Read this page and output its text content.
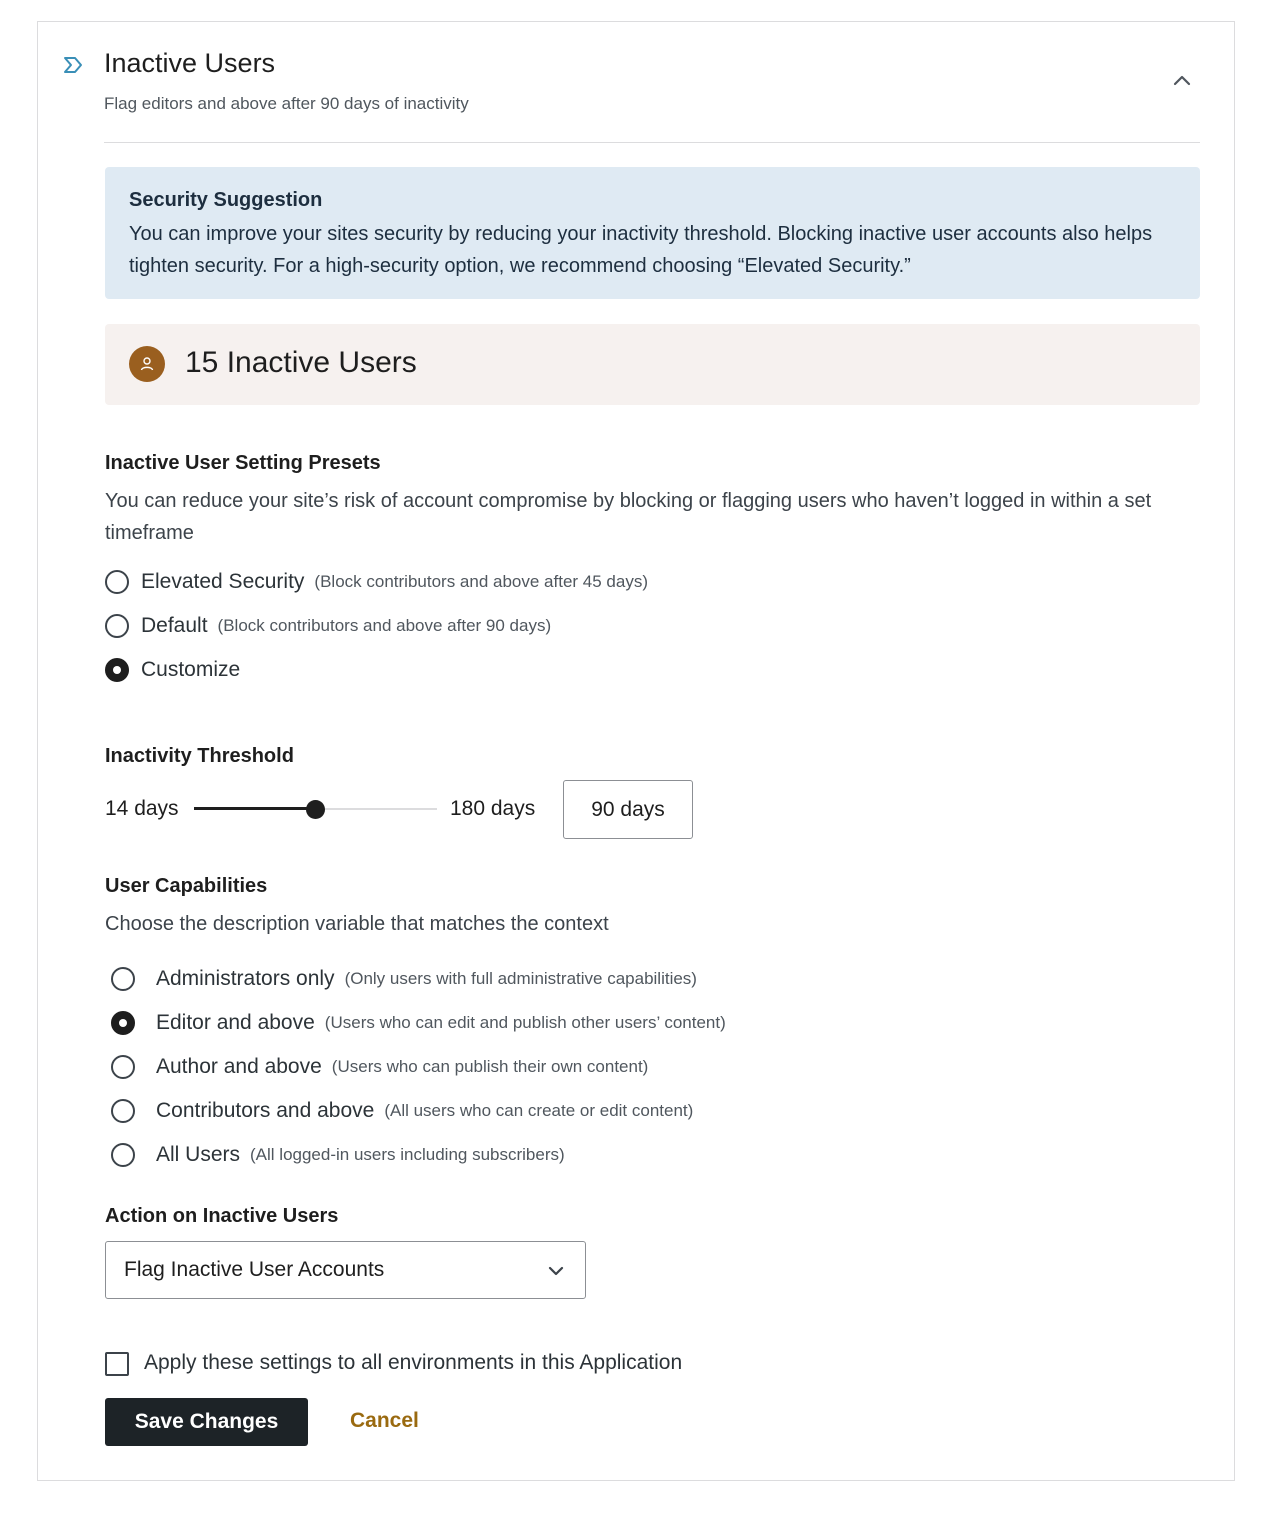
Inactive Users
Flag editors and above after 90 days of inactivity
Security Suggestion
You can improve your sites security by reducing your inactivity threshold. Blocking inactive user accounts also helps tighten security. For a high-security option, we recommend choosing “Elevated Security.”
15 Inactive Users
Inactive User Setting Presets
You can reduce your site’s risk of account compromise by blocking or flagging users who haven’t logged in within a set timeframe
Elevated Security (Block contributors and above after 45 days)
Default (Block contributors and above after 90 days)
Customize
Inactivity Threshold
14 days	180 days
90 days
User Capabilities
Choose the description variable that matches the context
Administrators only (Only users with full administrative capabilities)
Editor and above (Users who can edit and publish other users’ content)
Author and above (Users who can publish their own content)
Contributors and above (All users who can create or edit content)
All Users (All logged-in users including subscribers)
Action on Inactive Users
Flag Inactive User Accounts
Apply these settings to all environments in this Application
Save Changes	Cancel
